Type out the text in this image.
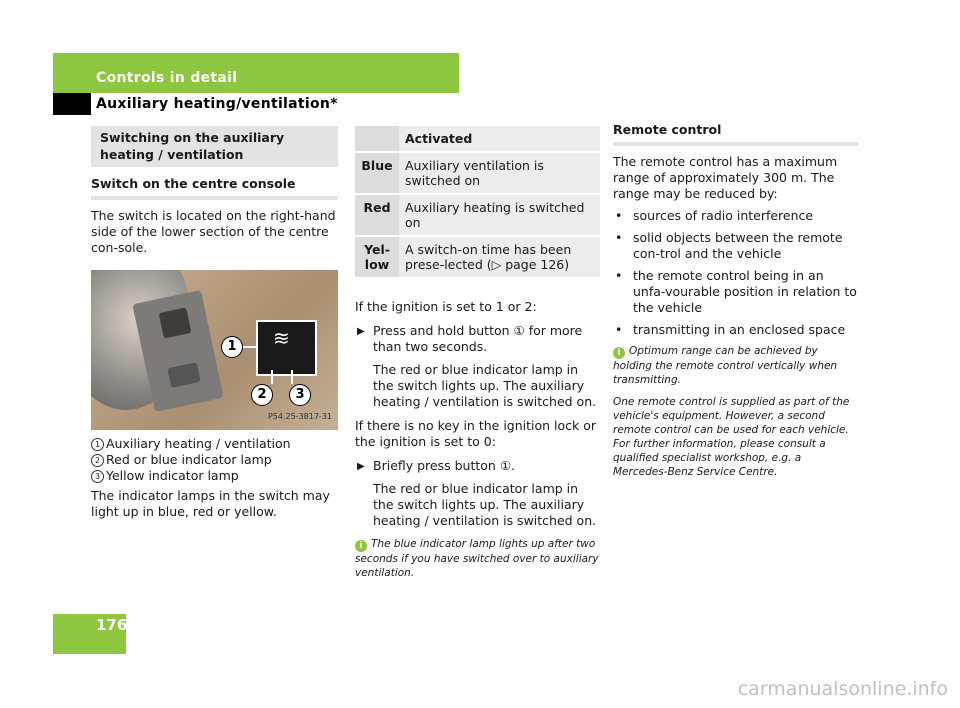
Controls in detail
Auxiliary heating/ventilation*
Switching on the auxiliary heating / ventilation
Switch on the centre console

The switch is located on the right-hand side of the lower section of the centre con-sole.

≋
1
2	3
P54.25-3817-31

1 Auxiliary heating / ventilation

2 Red or blue indicator lamp

3 Yellow indicator lamp

The indicator lamps in the switch may light up in blue, red or yellow.

	Activated
Blue	Auxiliary ventilation is switched on
Red	Auxiliary heating is switched on
Yel-low	A switch-on time has been prese-lected (▷ page 126)

If the ignition is set to 1 or 2:

▶ Press and hold button ① for more than two seconds.

The red or blue indicator lamp in the switch lights up. The auxiliary heating / ventilation is switched on.

If there is no key in the ignition lock or the ignition is set to 0:

▶ Briefly press button ①.

The red or blue indicator lamp in the switch lights up. The auxiliary heating / ventilation is switched on.

i The blue indicator lamp lights up after two seconds if you have switched over to auxiliary ventilation.

Remote control

The remote control has a maximum range of approximately 300 m. The range may be reduced by:

• sources of radio interference
• solid objects between the remote con-trol and the vehicle
• the remote control being in an unfa-vourable position in relation to the vehicle
• transmitting in an enclosed space

i Optimum range can be achieved by holding the remote control vertically when transmitting.

One remote control is supplied as part of the vehicle's equipment. However, a second remote control can be used for each vehicle. For further information, please consult a qualified specialist workshop, e.g. a Mercedes-Benz Service Centre.

176
carmanualsonline.info
